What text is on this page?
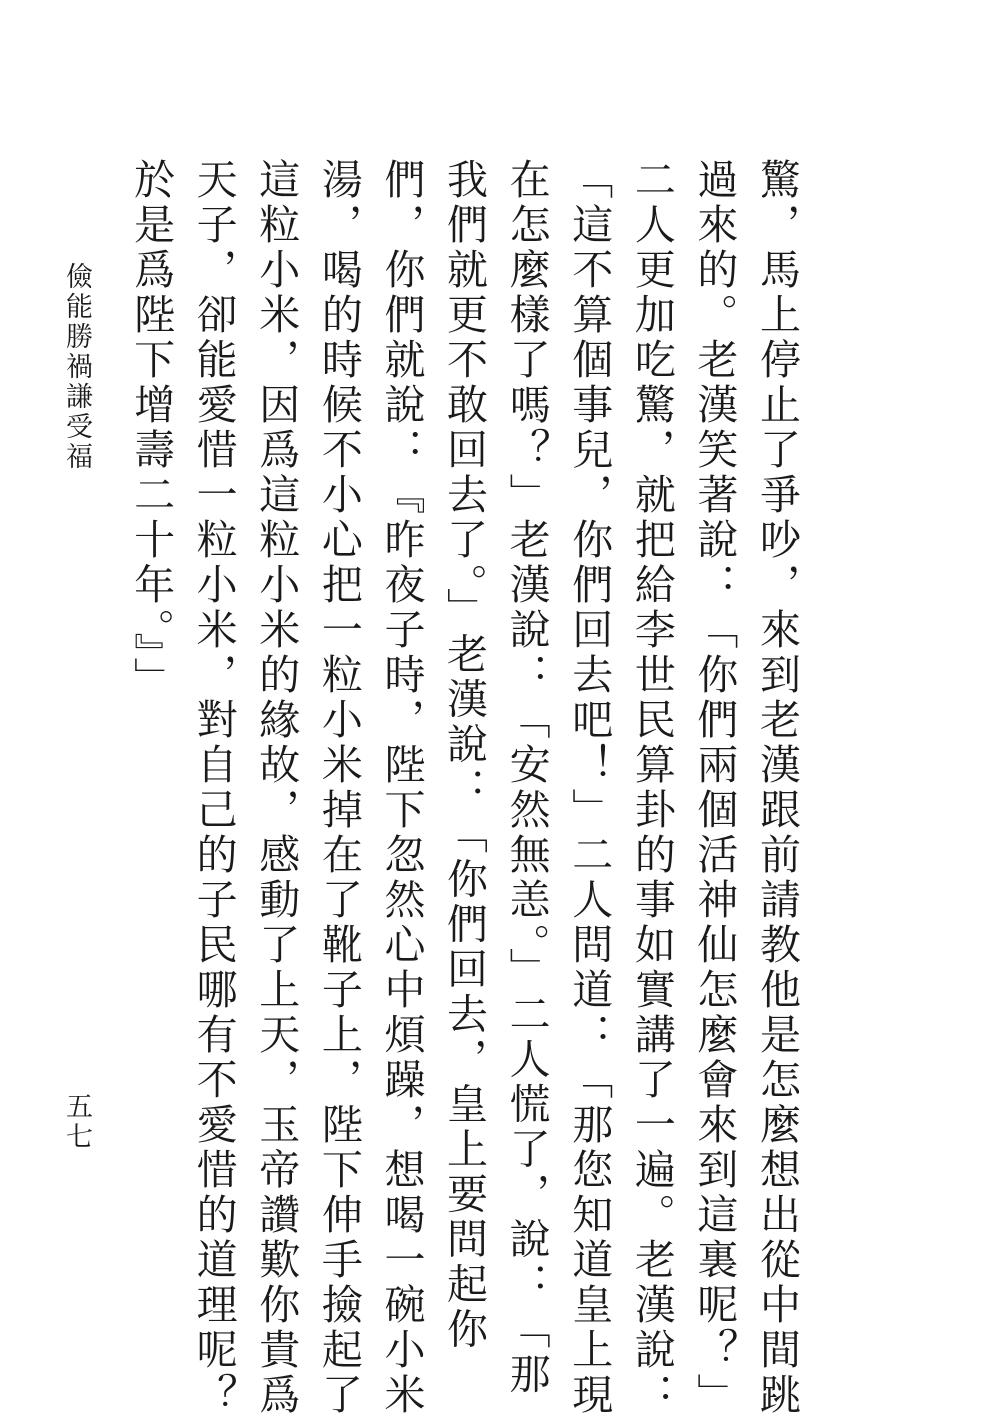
驚，馬上停止了爭吵，來到老漢跟前請教他是怎麼想出從中間跳
過來的。老漢笑著說：「你們兩個活神仙怎麼會來到這裏呢？」
二人更加吃驚，就把給李世民算卦的事如實講了一遍。老漢說：
「這不算個事兒，你們回去吧！」二人問道：「那您知道皇上現
在怎麼樣了嗎？」老漢說：「安然無恙。」二人慌了，說：「那
我們就更不敢回去了。」老漢說：「你們回去，皇上要問起你
們，你們就說：『昨夜子時，陛下忽然心中煩躁，想喝一碗小米
湯，喝的時候不小心把一粒小米掉在了靴子上，陛下伸手撿起了
這粒小米，因爲這粒小米的緣故，感動了上天，玉帝讚歎你貴爲
天子，卻能愛惜一粒小米，對自己的子民哪有不愛惜的道理呢？
於是爲陛下增壽二十年。』」
儉能勝禍謙受福
五七
